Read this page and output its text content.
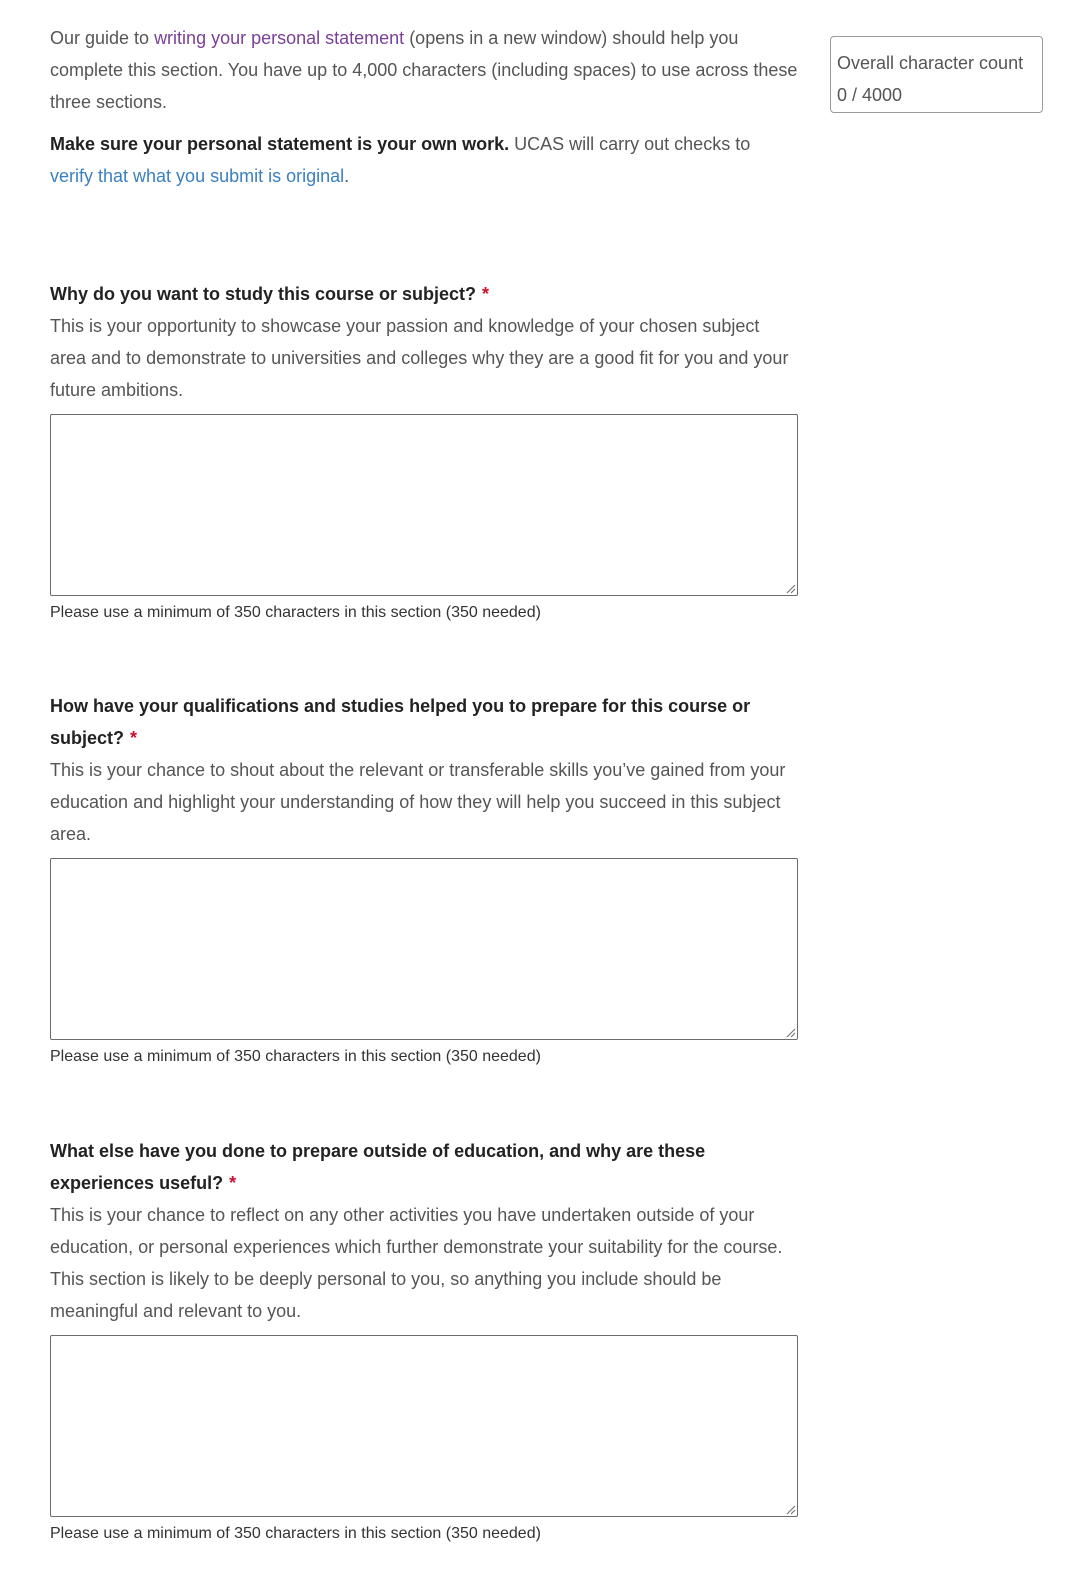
Our guide to writing your personal statement (opens in a new window) should help you complete this section. You have up to 4,000 characters (including spaces) to use across these three sections.

Make sure your personal statement is your own work. UCAS will carry out checks to verify that what you submit is original.

Overall character count
0 / 4000

Why do you want to study this course or subject? *

This is your opportunity to showcase your passion and knowledge of your chosen subject area and to demonstrate to universities and colleges why they are a good fit for you and your future ambitions.

Please use a minimum of 350 characters in this section (350 needed)

How have your qualifications and studies helped you to prepare for this course or subject? *

This is your chance to shout about the relevant or transferable skills you’ve gained from your education and highlight your understanding of how they will help you succeed in this subject area.

Please use a minimum of 350 characters in this section (350 needed)

What else have you done to prepare outside of education, and why are these experiences useful? *

This is your chance to reflect on any other activities you have undertaken outside of your education, or personal experiences which further demonstrate your suitability for the course. This section is likely to be deeply personal to you, so anything you include should be meaningful and relevant to you.

Please use a minimum of 350 characters in this section (350 needed)
